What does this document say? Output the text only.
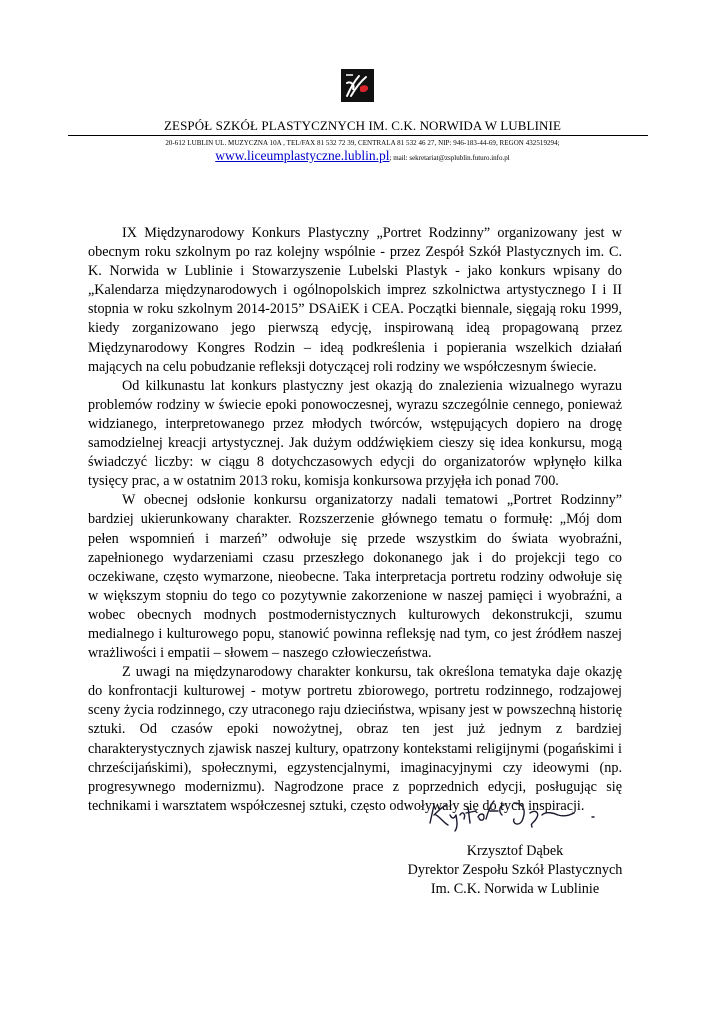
ZESPÓŁ SZKÓŁ PLASTYCZNYCH IM. C.K. NORWIDA W LUBLINIE
20-612 LUBLIN UL. MUZYCZNA 10A , TEL/FAX 81 532 72 39, CENTRALA 81 532 46 27, NIP: 946-183-44-69, REGON 432519294;
www.liceumplastyczne.lublin.pl; mail: sekretariat@zsplublin.futuro.info.pl

IX Międzynarodowy Konkurs Plastyczny „Portret Rodzinny” organizowany jest w obecnym roku szkolnym po raz kolejny wspólnie - przez Zespół Szkół Plastycznych im. C. K. Norwida w Lublinie i Stowarzyszenie Lubelski Plastyk - jako konkurs wpisany do „Kalendarza międzynarodowych i ogólnopolskich imprez szkolnictwa artystycznego I i II stopnia w roku szkolnym 2014-2015” DSAiEK i CEA. Początki biennale, sięgają roku 1999, kiedy zorganizowano jego pierwszą edycję, inspirowaną ideą propagowaną przez Międzynarodowy Kongres Rodzin – ideą podkreślenia i popierania wszelkich działań mających na celu pobudzanie refleksji dotyczącej roli rodziny we współczesnym świecie.

Od kilkunastu lat konkurs plastyczny jest okazją do znalezienia wizualnego wyrazu problemów rodziny w świecie epoki ponowoczesnej, wyrazu szczególnie cennego, ponieważ widzianego, interpretowanego przez młodych twórców, wstępujących dopiero na drogę samodzielnej kreacji artystycznej. Jak dużym oddźwiękiem cieszy się idea konkursu, mogą świadczyć liczby: w ciągu 8 dotychczasowych edycji do organizatorów wpłynęło kilka tysięcy prac, a w ostatnim 2013 roku, komisja konkursowa przyjęła ich ponad 700.

W obecnej odsłonie konkursu organizatorzy nadali tematowi „Portret Rodzinny” bardziej ukierunkowany charakter. Rozszerzenie głównego tematu o formułę: „Mój dom pełen wspomnień i marzeń” odwołuje się przede wszystkim do świata wyobraźni, zapełnionego wydarzeniami czasu przeszłego dokonanego jak i do projekcji tego co oczekiwane, często wymarzone, nieobecne. Taka interpretacja portretu rodziny odwołuje się w większym stopniu do tego co pozytywnie zakorzenione w naszej pamięci i wyobraźni, a wobec obecnych modnych postmodernistycznych kulturowych dekonstrukcji, szumu medialnego i kulturowego popu, stanowić powinna refleksję nad tym, co jest źródłem naszej wrażliwości i empatii – słowem – naszego człowieczeństwa.

Z uwagi na międzynarodowy charakter konkursu, tak określona tematyka daje okazję do konfrontacji kulturowej - motyw portretu zbiorowego, portretu rodzinnego, rodzajowej sceny życia rodzinnego, czy utraconego raju dzieciństwa, wpisany jest w powszechną historię sztuki. Od czasów epoki nowożytnej, obraz ten jest już jednym z bardziej charakterystycznych zjawisk naszej kultury, opatrzony kontekstami religijnymi (pogańskimi i chrześcijańskimi), społecznymi, egzystencjalnymi, imaginacyjnymi czy ideowymi (np. progresywnego modernizmu). Nagrodzone prace z poprzednich edycji, posługując się technikami i warsztatem współczesnej sztuki, często odwoływały się do tych inspiracji.

Krzysztof Dąbek
Dyrektor Zespołu Szkół Plastycznych
Im. C.K. Norwida w Lublinie
